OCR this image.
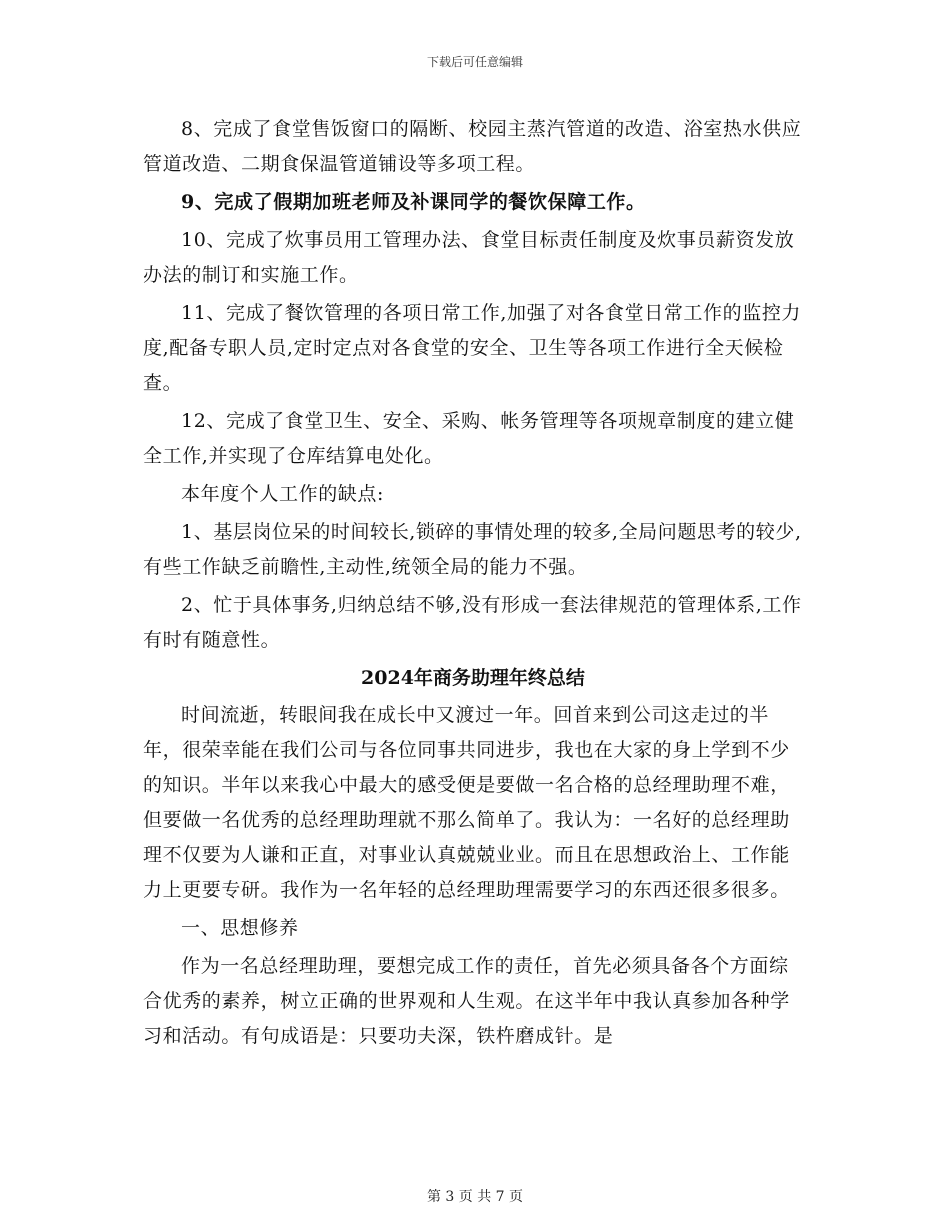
下载后可任意编辑

8、完成了食堂售饭窗口的隔断、校园主蒸汽管道的改造、浴室热水供应管道改造、二期食保温管道铺设等多项工程。

9、完成了假期加班老师及补课同学的餐饮保障工作。

10、完成了炊事员用工管理办法、食堂目标责任制度及炊事员薪资发放办法的制订和实施工作。

11、完成了餐饮管理的各项日常工作,加强了对各食堂日常工作的监控力度,配备专职人员,定时定点对各食堂的安全、卫生等各项工作进行全天候检查。

12、完成了食堂卫生、安全、采购、帐务管理等各项规章制度的建立健全工作,并实现了仓库结算电处化。

本年度个人工作的缺点:

1、基层岗位呆的时间较长,锁碎的事情处理的较多,全局问题思考的较少,有些工作缺乏前瞻性,主动性,统领全局的能力不强。

2、忙于具体事务,归纳总结不够,没有形成一套法律规范的管理体系,工作有时有随意性。

2024年商务助理年终总结

时间流逝，转眼间我在成长中又渡过一年。回首来到公司这走过的半年，很荣幸能在我们公司与各位同事共同进步，我也在大家的身上学到不少的知识。半年以来我心中最大的感受便是要做一名合格的总经理助理不难，但要做一名优秀的总经理助理就不那么简单了。我认为：一名好的总经理助理不仅要为人谦和正直，对事业认真兢兢业业。而且在思想政治上、工作能力上更要专研。我作为一名年轻的总经理助理需要学习的东西还很多很多。

一、思想修养

作为一名总经理助理，要想完成工作的责任，首先必须具备各个方面综合优秀的素养，树立正确的世界观和人生观。在这半年中我认真参加各种学习和活动。有句成语是：只要功夫深，铁杵磨成针。是

第 3 页 共 7 页
